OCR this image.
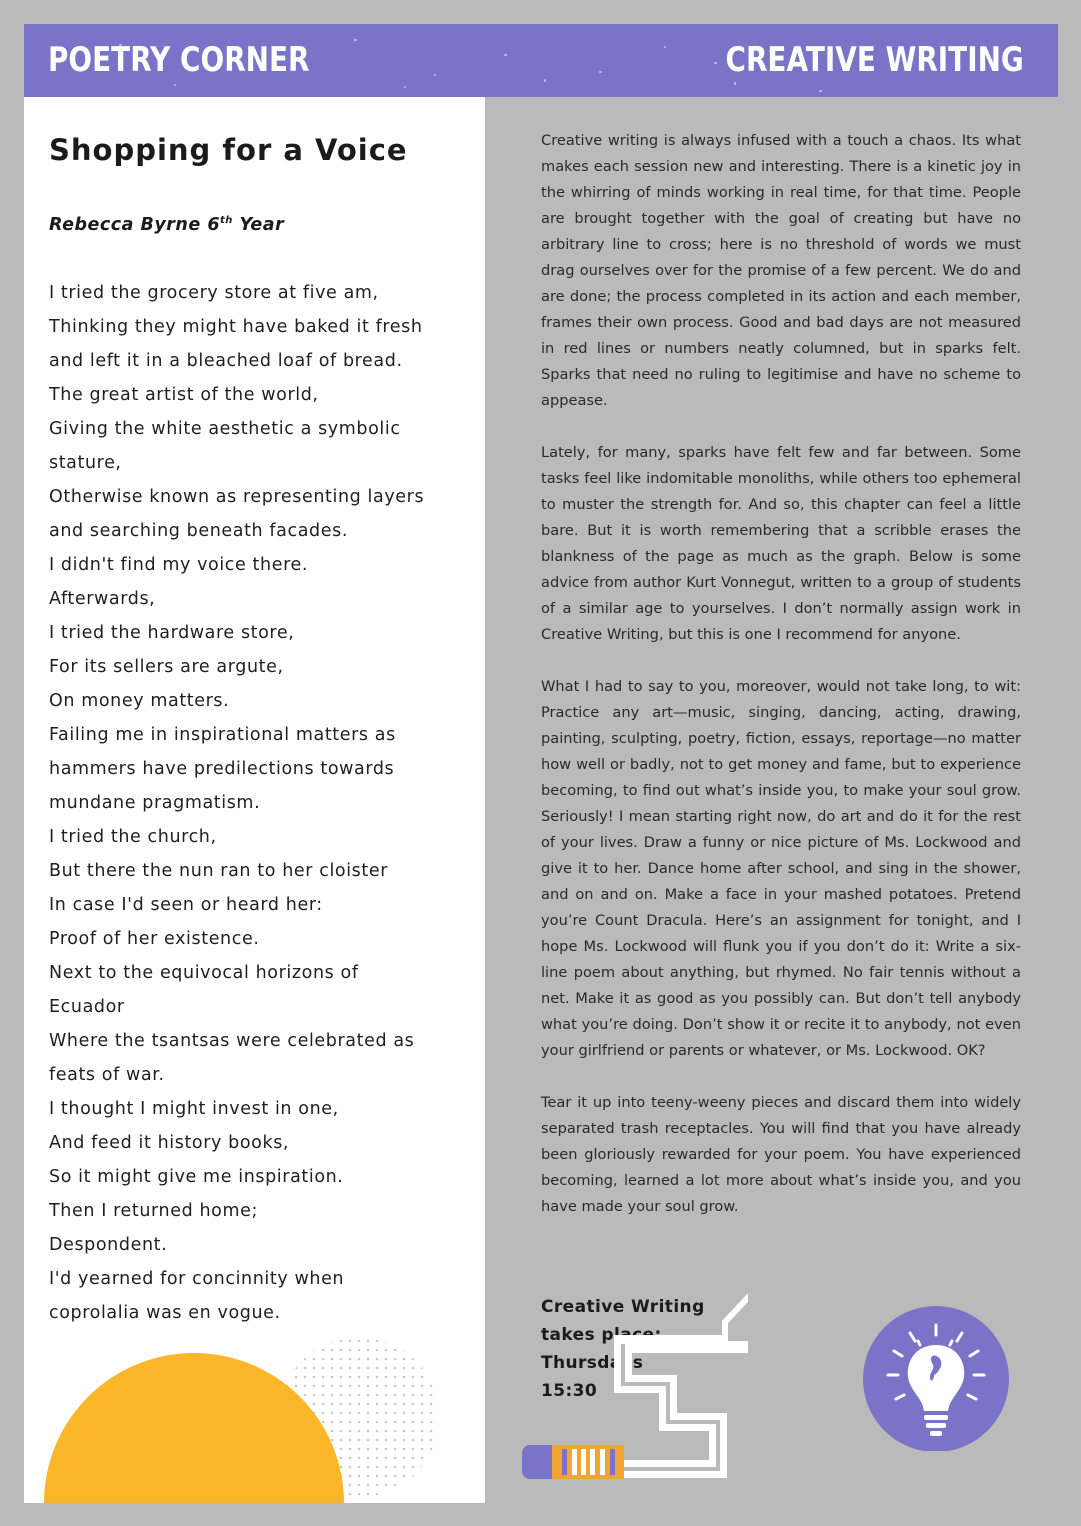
POETRY CORNER	CREATIVE WRITING
Shopping for a Voice
Rebecca Byrne 6th Year
I tried the grocery store at five am,
Thinking they might have baked it fresh
and left it in a bleached loaf of bread.
The great artist of the world,
Giving the white aesthetic a symbolic
stature,
Otherwise known as representing layers
and searching beneath facades.
I didn't find my voice there.
Afterwards,
I tried the hardware store,
For its sellers are argute,
On money matters.
Failing me in inspirational matters as
hammers have predilections towards
mundane pragmatism.
I tried the church,
But there the nun ran to her cloister
In case I'd seen or heard her:
Proof of her existence.
Next to the equivocal horizons of
Ecuador
Where the tsantsas were celebrated as
feats of war.
I thought I might invest in one,
And feed it history books,
So it might give me inspiration.
Then I returned home;
Despondent.
I'd yearned for concinnity when
coprolalia was en vogue.

Creative writing is always infused with a touch a chaos. Its what makes each session new and interesting. There is a kinetic joy in the whirring of minds working in real time, for that time. People are brought together with the goal of creating but have no arbitrary line to cross; here is no threshold of words we must drag ourselves over for the promise of a few percent. We do and are done; the process completed in its action and each member, frames their own process. Good and bad days are not measured in red lines or numbers neatly columned, but in sparks felt. Sparks that need no ruling to legitimise and have no scheme to appease.

Lately, for many, sparks have felt few and far between. Some tasks feel like indomitable monoliths, while others too ephemeral to muster the strength for. And so, this chapter can feel a little bare. But it is worth remembering that a scribble erases the blankness of the page as much as the graph. Below is some advice from author Kurt Vonnegut, written to a group of students of a similar age to yourselves. I don’t normally assign work in Creative Writing, but this is one I recommend for anyone.

What I had to say to you, moreover, would not take long, to wit: Practice any art—music, singing, dancing, acting, drawing, painting, sculpting, poetry, fiction, essays, reportage—no matter how well or badly, not to get money and fame, but to experience becoming, to find out what’s inside you, to make your soul grow. Seriously! I mean starting right now, do art and do it for the rest of your lives. Draw a funny or nice picture of Ms. Lockwood and give it to her. Dance home after school, and sing in the shower, and on and on. Make a face in your mashed potatoes. Pretend you’re Count Dracula. Here’s an assignment for tonight, and I hope Ms. Lockwood will flunk you if you don’t do it: Write a six-line poem about anything, but rhymed. No fair tennis without a net. Make it as good as you possibly can. But don’t tell anybody what you’re doing. Don’t show it or recite it to anybody, not even your girlfriend or parents or whatever, or Ms. Lockwood. OK?

Tear it up into teeny-weeny pieces and discard them into widely separated trash receptacles. You will find that you have already been gloriously rewarded for your poem. You have experienced becoming, learned a lot more about what’s inside you, and you have made your soul grow.

Creative Writing
takes place:
Thursdays
15:30
